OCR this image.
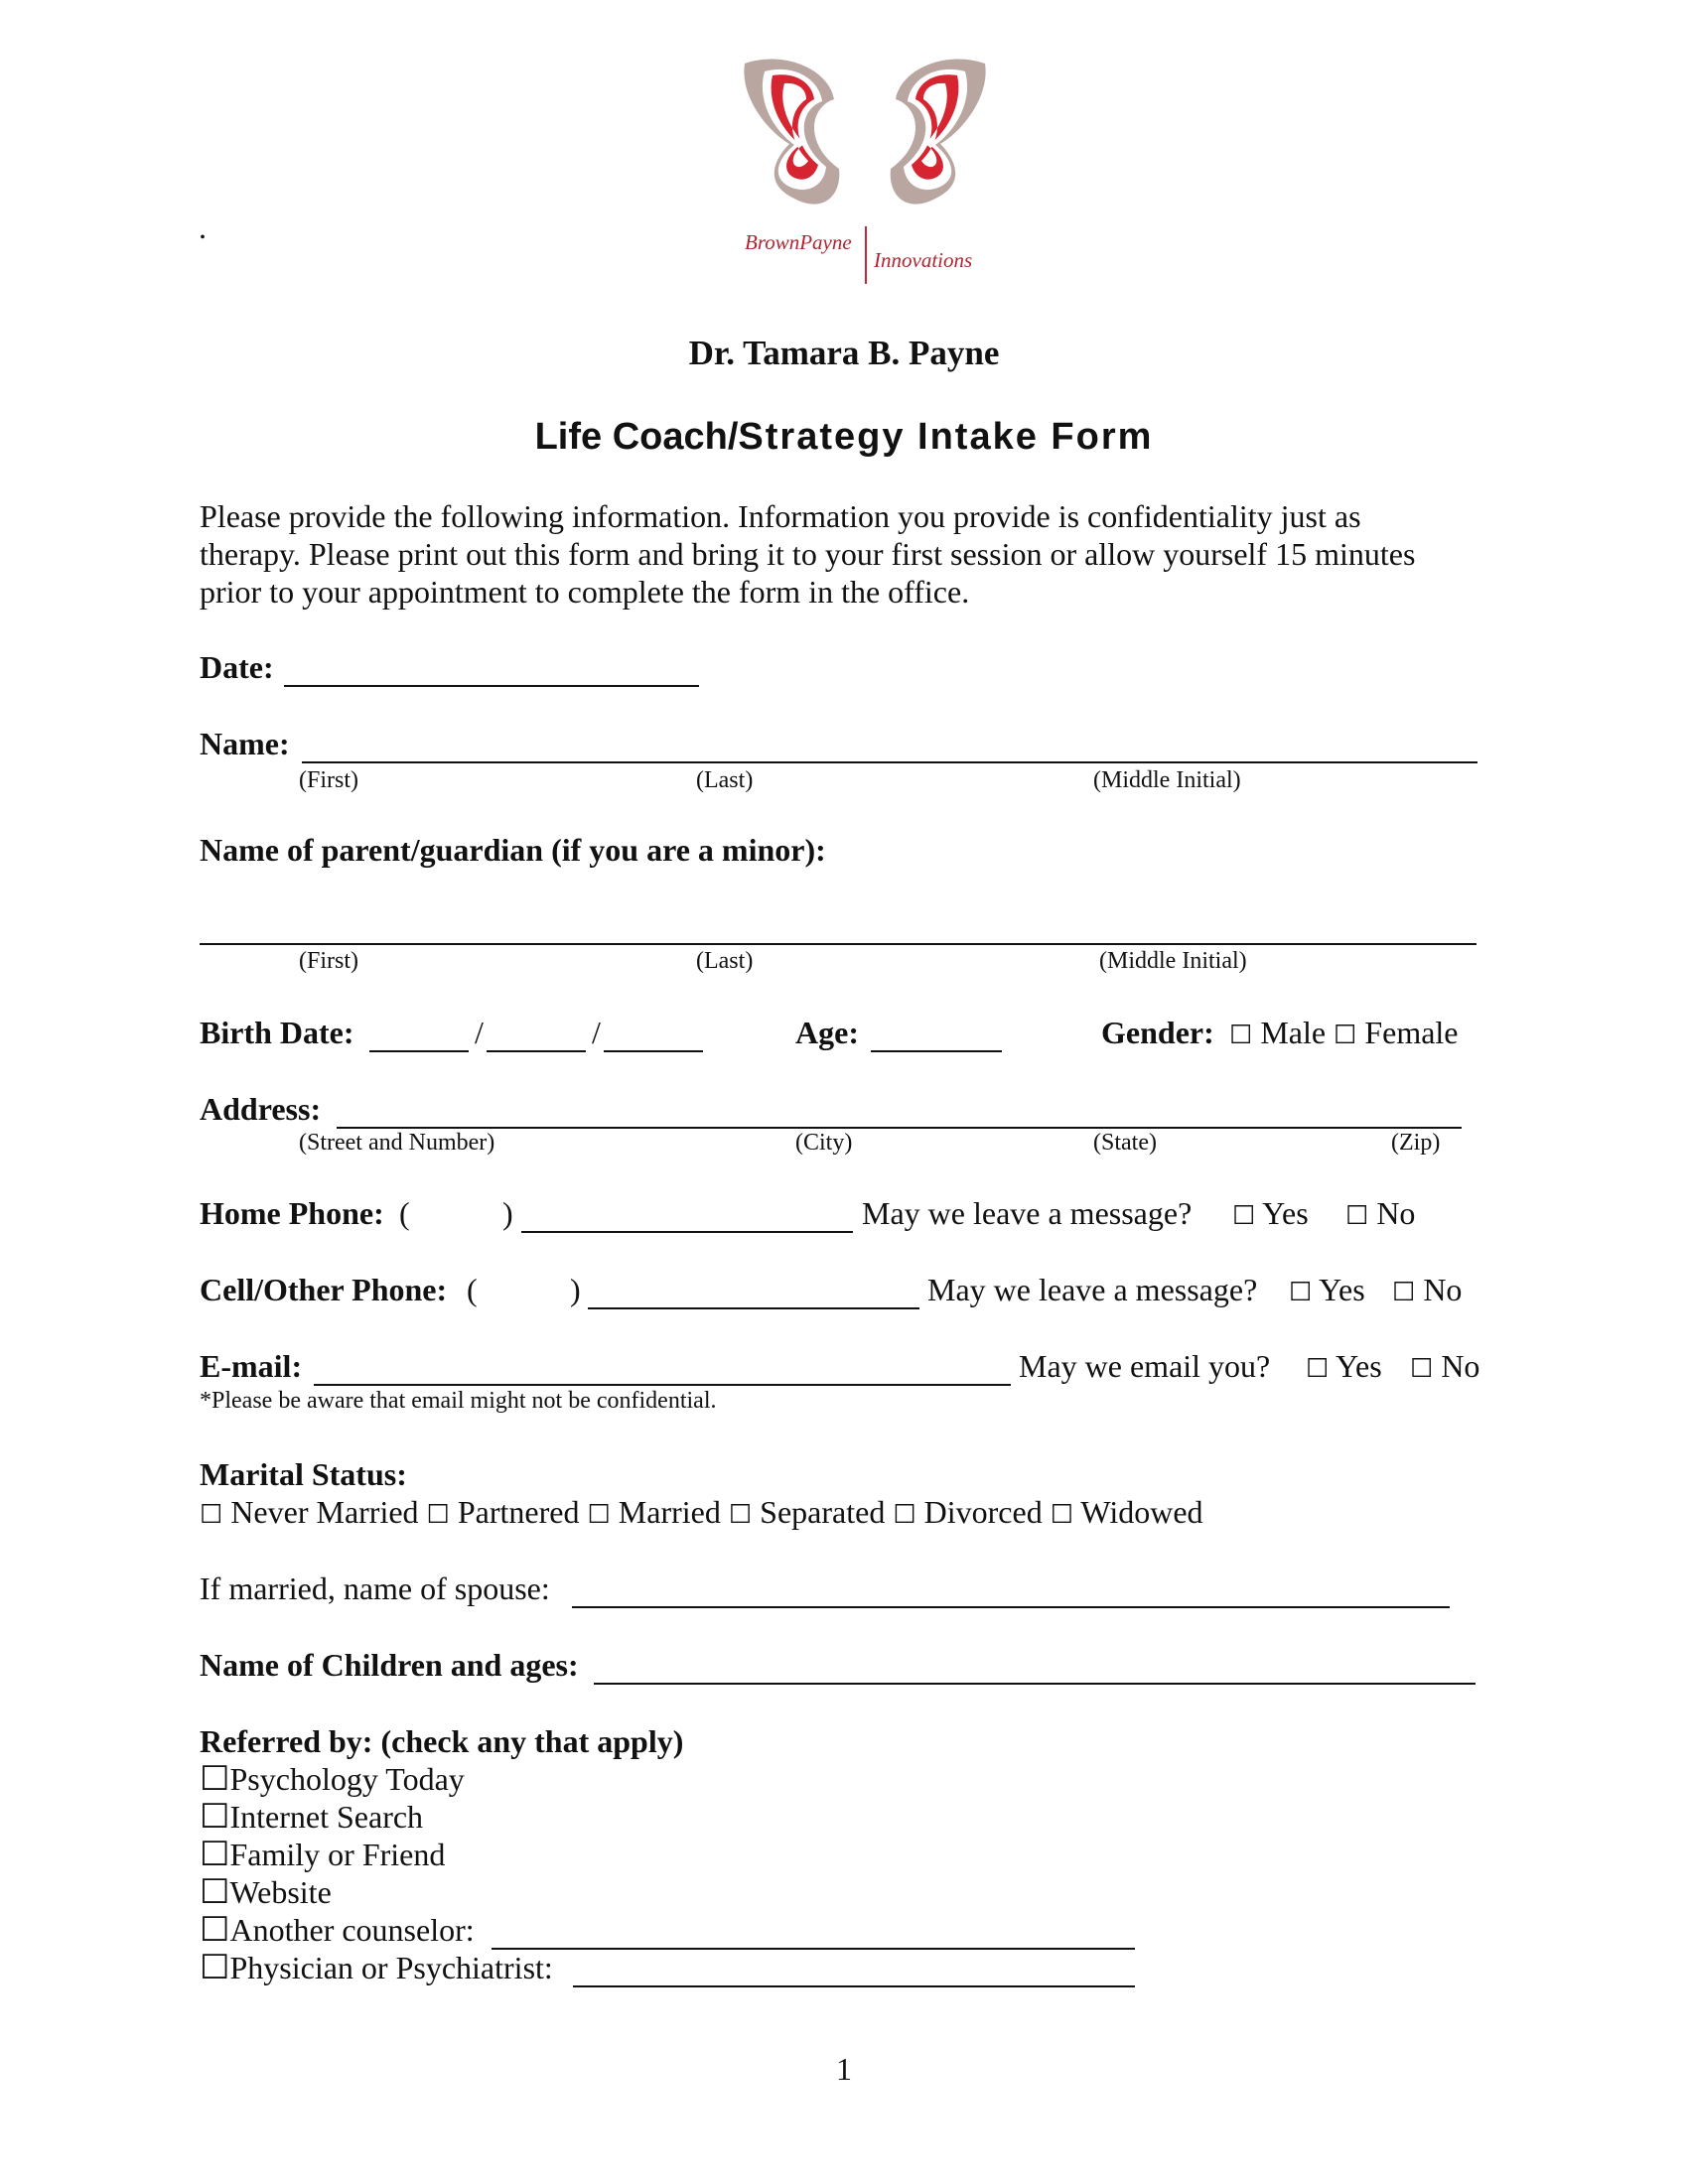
.	BrownPayne
Innovations
Dr. Tamara B. Payne
Life Coach/Strategy Intake Form
Please provide the following information. Information you provide is confidentiality just as
therapy. Please print out this form and bring it to your first session or allow yourself 15 minutes
prior to your appointment to complete the form in the office.
Date:
Name:
(First)	(Last)	(Middle Initial)
Name of parent/guardian (if you are a minor):
(First)	(Last)	(Middle Initial)
Birth Date:	/	/	Age:	Gender: ☐ Male ☐ Female
Address:
(Street and Number)	(City)	(State)	(Zip)
Home Phone: (	)	May we leave a message? ☐ Yes ☐ No
Cell/Other Phone: (	)	May we leave a message? ☐ Yes ☐ No
E-mail:	May we email you? ☐ Yes ☐ No
*Please be aware that email might not be confidential.
Marital Status:
☐ Never Married ☐ Partnered ☐ Married ☐ Separated ☐ Divorced ☐ Widowed
If married, name of spouse:
Name of Children and ages:
Referred by: (check any that apply)
☐Psychology Today
☐Internet Search
☐Family or Friend
☐Website
☐Another counselor:
☐Physician or Psychiatrist:
1
